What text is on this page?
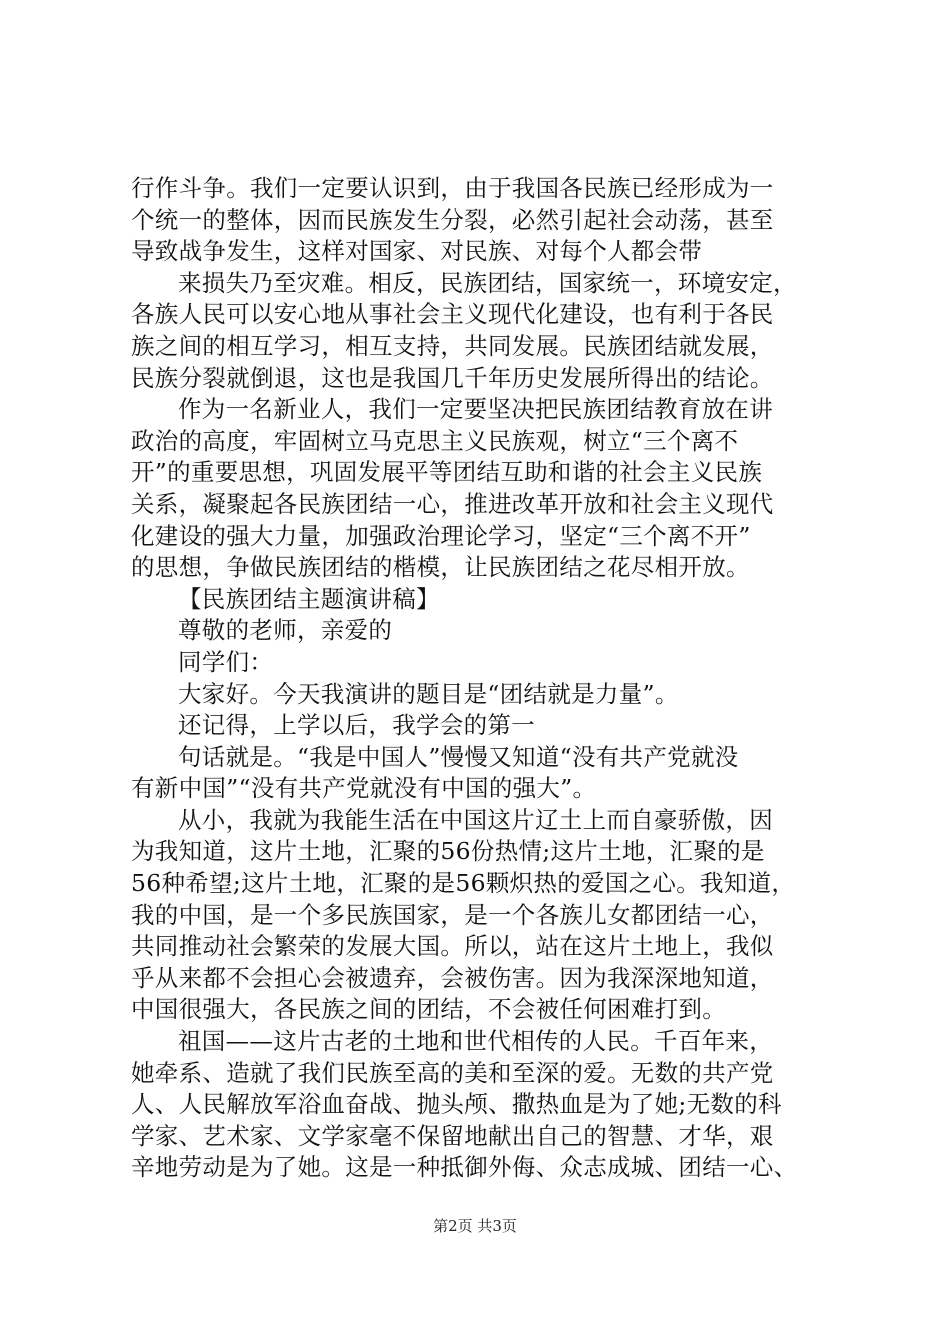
行作斗争。我们一定要认识到，由于我国各民族已经形成为一
个统一的整体，因而民族发生分裂，必然引起社会动荡，甚至
导致战争发生，这样对国家、对民族、对每个人都会带
来损失乃至灾难。相反，民族团结，国家统一，环境安定，
各族人民可以安心地从事社会主义现代化建设，也有利于各民
族之间的相互学习，相互支持，共同发展。民族团结就发展，
民族分裂就倒退，这也是我国几千年历史发展所得出的结论。
作为一名新业人，我们一定要坚决把民族团结教育放在讲
政治的高度，牢固树立马克思主义民族观，树立“三个离不
开”的重要思想，巩固发展平等团结互助和谐的社会主义民族
关系，凝聚起各民族团结一心，推进改革开放和社会主义现代
化建设的强大力量，加强政治理论学习，坚定“三个离不开”
的思想，争做民族团结的楷模，让民族团结之花尽相开放。
【民族团结主题演讲稿】
尊敬的老师，亲爱的
同学们：
大家好。今天我演讲的题目是“团结就是力量”。
还记得，上学以后，我学会的第一
句话就是。“我是中国人”慢慢又知道“没有共产党就没
有新中国”“没有共产党就没有中国的强大”。
从小，我就为我能生活在中国这片辽土上而自豪骄傲，因
为我知道，这片土地，汇聚的56份热情;这片土地，汇聚的是
56种希望;这片土地，汇聚的是56颗炽热的爱国之心。我知道，
我的中国，是一个多民族国家，是一个各族儿女都团结一心，
共同推动社会繁荣的发展大国。所以，站在这片土地上，我似
乎从来都不会担心会被遗弃，会被伤害。因为我深深地知道，
中国很强大，各民族之间的团结，不会被任何困难打到。
祖国——这片古老的土地和世代相传的人民。千百年来，
她牵系、造就了我们民族至高的美和至深的爱。无数的共产党
人、人民解放军浴血奋战、抛头颅、撒热血是为了她;无数的科
学家、艺术家、文学家毫不保留地献出自己的智慧、才华，艰
辛地劳动是为了她。这是一种抵御外侮、众志成城、团结一心、
第2页 共3页
